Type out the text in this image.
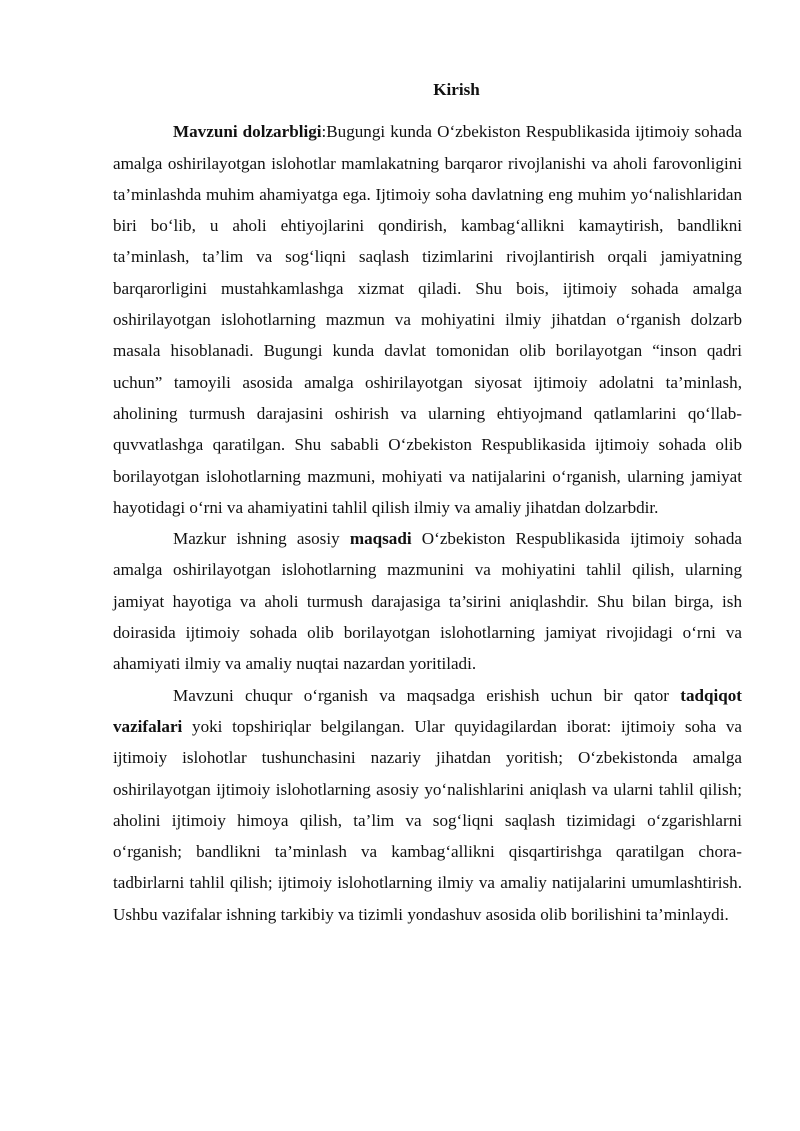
Kirish

Mavzuni dolzarbligi:Bugungi kunda O‘zbekiston Respublikasida ijtimoiy sohada amalga oshirilayotgan islohotlar mamlakatning barqaror rivojlanishi va aholi farovonligini ta’minlashda muhim ahamiyatga ega. Ijtimoiy soha davlatning eng muhim yo‘nalishlaridan biri bo‘lib, u aholi ehtiyojlarini qondirish, kambag‘allikni kamaytirish, bandlikni ta’minlash, ta’lim va sog‘liqni saqlash tizimlarini rivojlantirish orqali jamiyatning barqarorligini mustahkamlashga xizmat qiladi. Shu bois, ijtimoiy sohada amalga oshirilayotgan islohotlarning mazmun va mohiyatini ilmiy jihatdan o‘rganish dolzarb masala hisoblanadi. Bugungi kunda davlat tomonidan olib borilayotgan “inson qadri uchun” tamoyili asosida amalga oshirilayotgan siyosat ijtimoiy adolatni ta’minlash, aholining turmush darajasini oshirish va ularning ehtiyojmand qatlamlarini qo‘llab-quvvatlashga qaratilgan. Shu sababli O‘zbekiston Respublikasida ijtimoiy sohada olib borilayotgan islohotlarning mazmuni, mohiyati va natijalarini o‘rganish, ularning jamiyat hayotidagi o‘rni va ahamiyatini tahlil qilish ilmiy va amaliy jihatdan dolzarbdir.

Mazkur ishning asosiy maqsadi O‘zbekiston Respublikasida ijtimoiy sohada amalga oshirilayotgan islohotlarning mazmunini va mohiyatini tahlil qilish, ularning jamiyat hayotiga va aholi turmush darajasiga ta’sirini aniqlashdir. Shu bilan birga, ish doirasida ijtimoiy sohada olib borilayotgan islohotlarning jamiyat rivojidagi o‘rni va ahamiyati ilmiy va amaliy nuqtai nazardan yoritiladi.

Mavzuni chuqur o‘rganish va maqsadga erishish uchun bir qator tadqiqot vazifalari yoki topshiriqlar belgilangan. Ular quyidagilardan iborat: ijtimoiy soha va ijtimoiy islohotlar tushunchasini nazariy jihatdan yoritish; O‘zbekistonda amalga oshirilayotgan ijtimoiy islohotlarning asosiy yo‘nalishlarini aniqlash va ularni tahlil qilish; aholini ijtimoiy himoya qilish, ta’lim va sog‘liqni saqlash tizimidagi o‘zgarishlarni o‘rganish; bandlikni ta’minlash va kambag‘allikni qisqartirishga qaratilgan chora-tadbirlarni tahlil qilish; ijtimoiy islohotlarning ilmiy va amaliy natijalarini umumlashtirish. Ushbu vazifalar ishning tarkibiy va tizimli yondashuv asosida olib borilishini ta’minlaydi.
